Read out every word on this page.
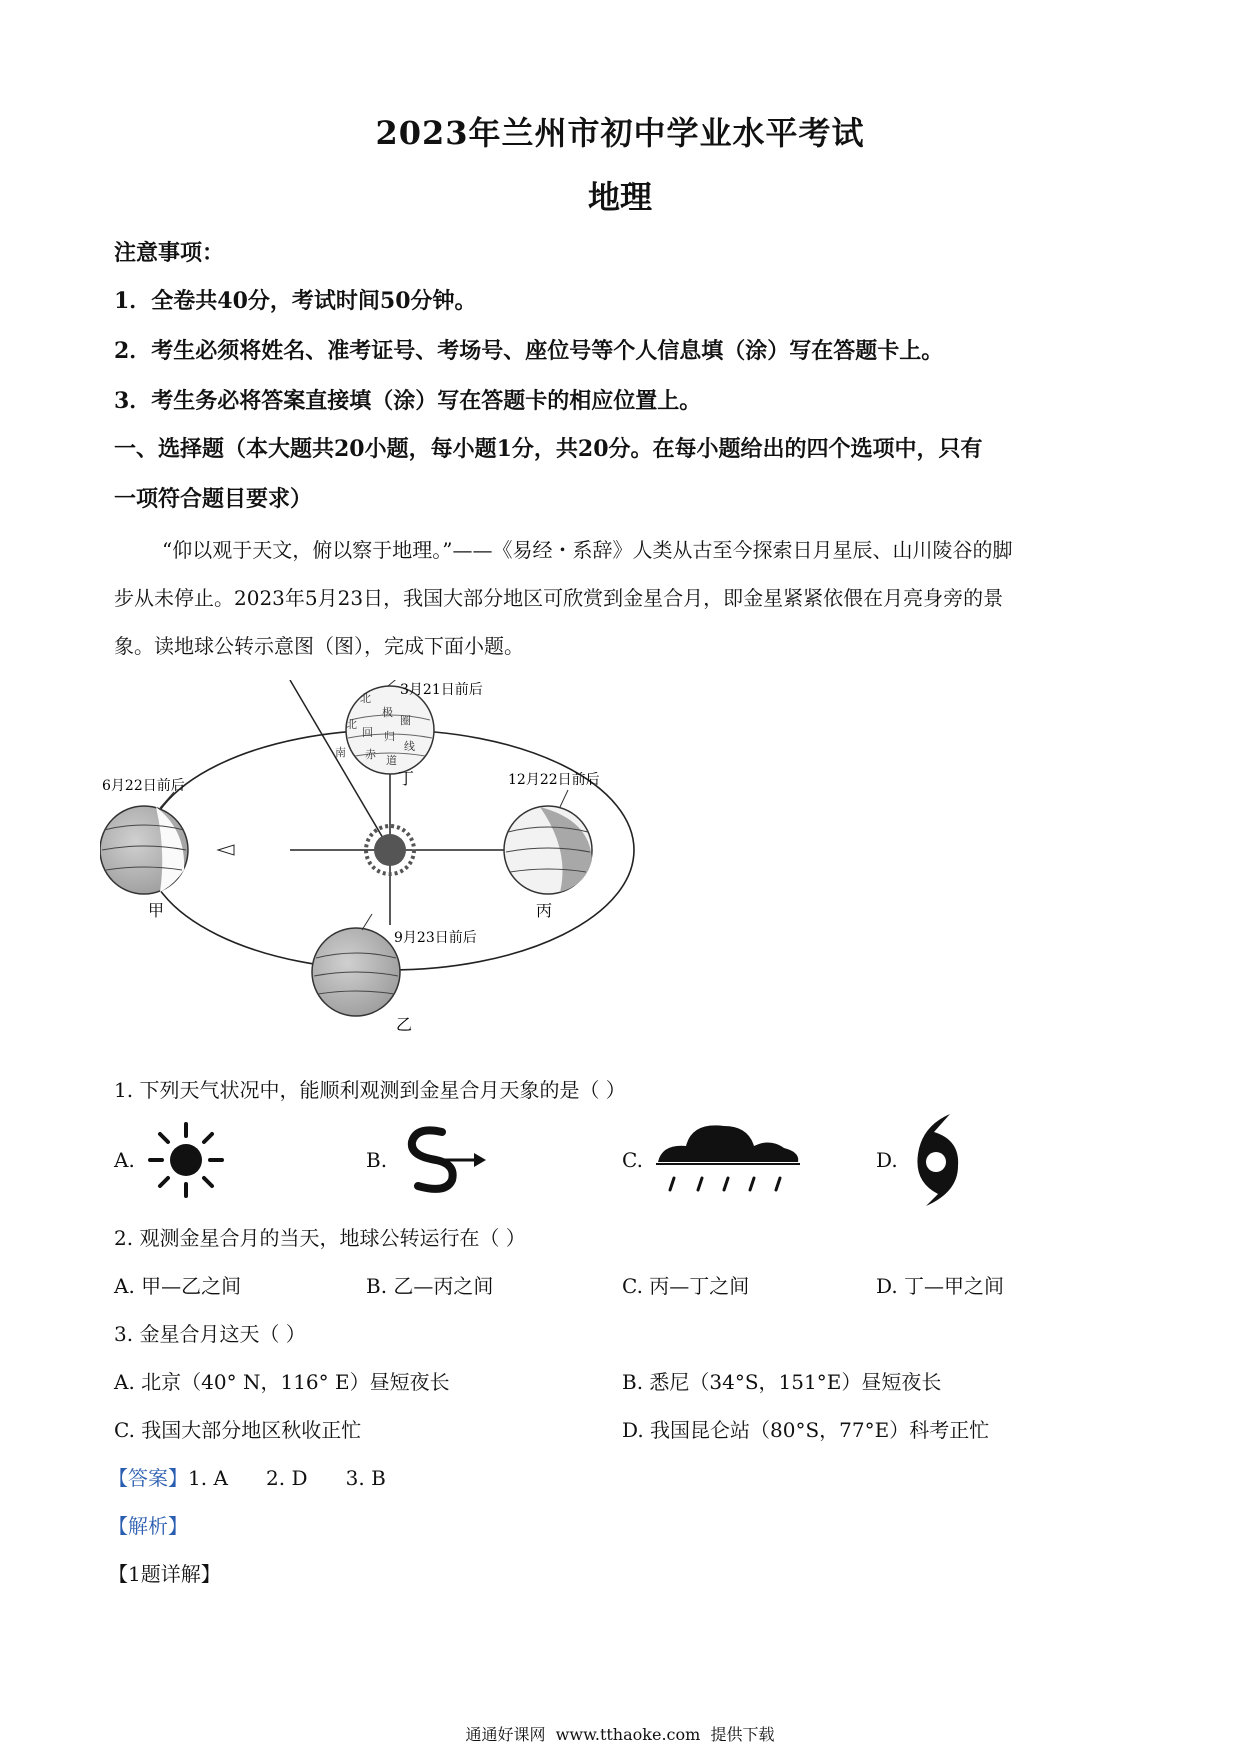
2023年兰州市初中学业水平考试
地理
注意事项：
1．全卷共40分，考试时间50分钟。
2．考生必须将姓名、准考证号、考场号、座位号等个人信息填（涂）写在答题卡上。
3．考生务必将答案直接填（涂）写在答题卡的相应位置上。
一、选择题（本大题共20小题，每小题1分，共20分。在每小题给出的四个选项中，只有
一项符合题目要求）
“仰以观于天文，俯以察于地理。”——《易经・系辞》人类从古至今探索日月星辰、山川陵谷的脚
步从未停止。2023年5月23日，我国大部分地区可欣赏到金星合月，即金星紧紧依偎在月亮身旁的景
象。读地球公转示意图（图），完成下面小题。
南
北
极
圈
北
回 归
线
赤 道
3月21日前后
6月22日前后	12月22日前后
9月23日前后
甲
乙
丙
丁
1. 下列天气状况中，能顺利观测到金星合月天象的是（ ）
A.	B.	C.	D.
2. 观测金星合月的当天，地球公转运行在（ ）
A. 甲—乙之间	B. 乙—丙之间	C. 丙—丁之间	D. 丁—甲之间
3. 金星合月这天（ ）
A. 北京（40° N，116° E）昼短夜长	B. 悉尼（34°S，151°E）昼短夜长
C. 我国大部分地区秋收正忙	D. 我国昆仑站（80°S，77°E）科考正忙
【答案】1. A      2. D      3. B
【解析】
【1题详解】
通通好课网  www.tthaoke.com  提供下载
